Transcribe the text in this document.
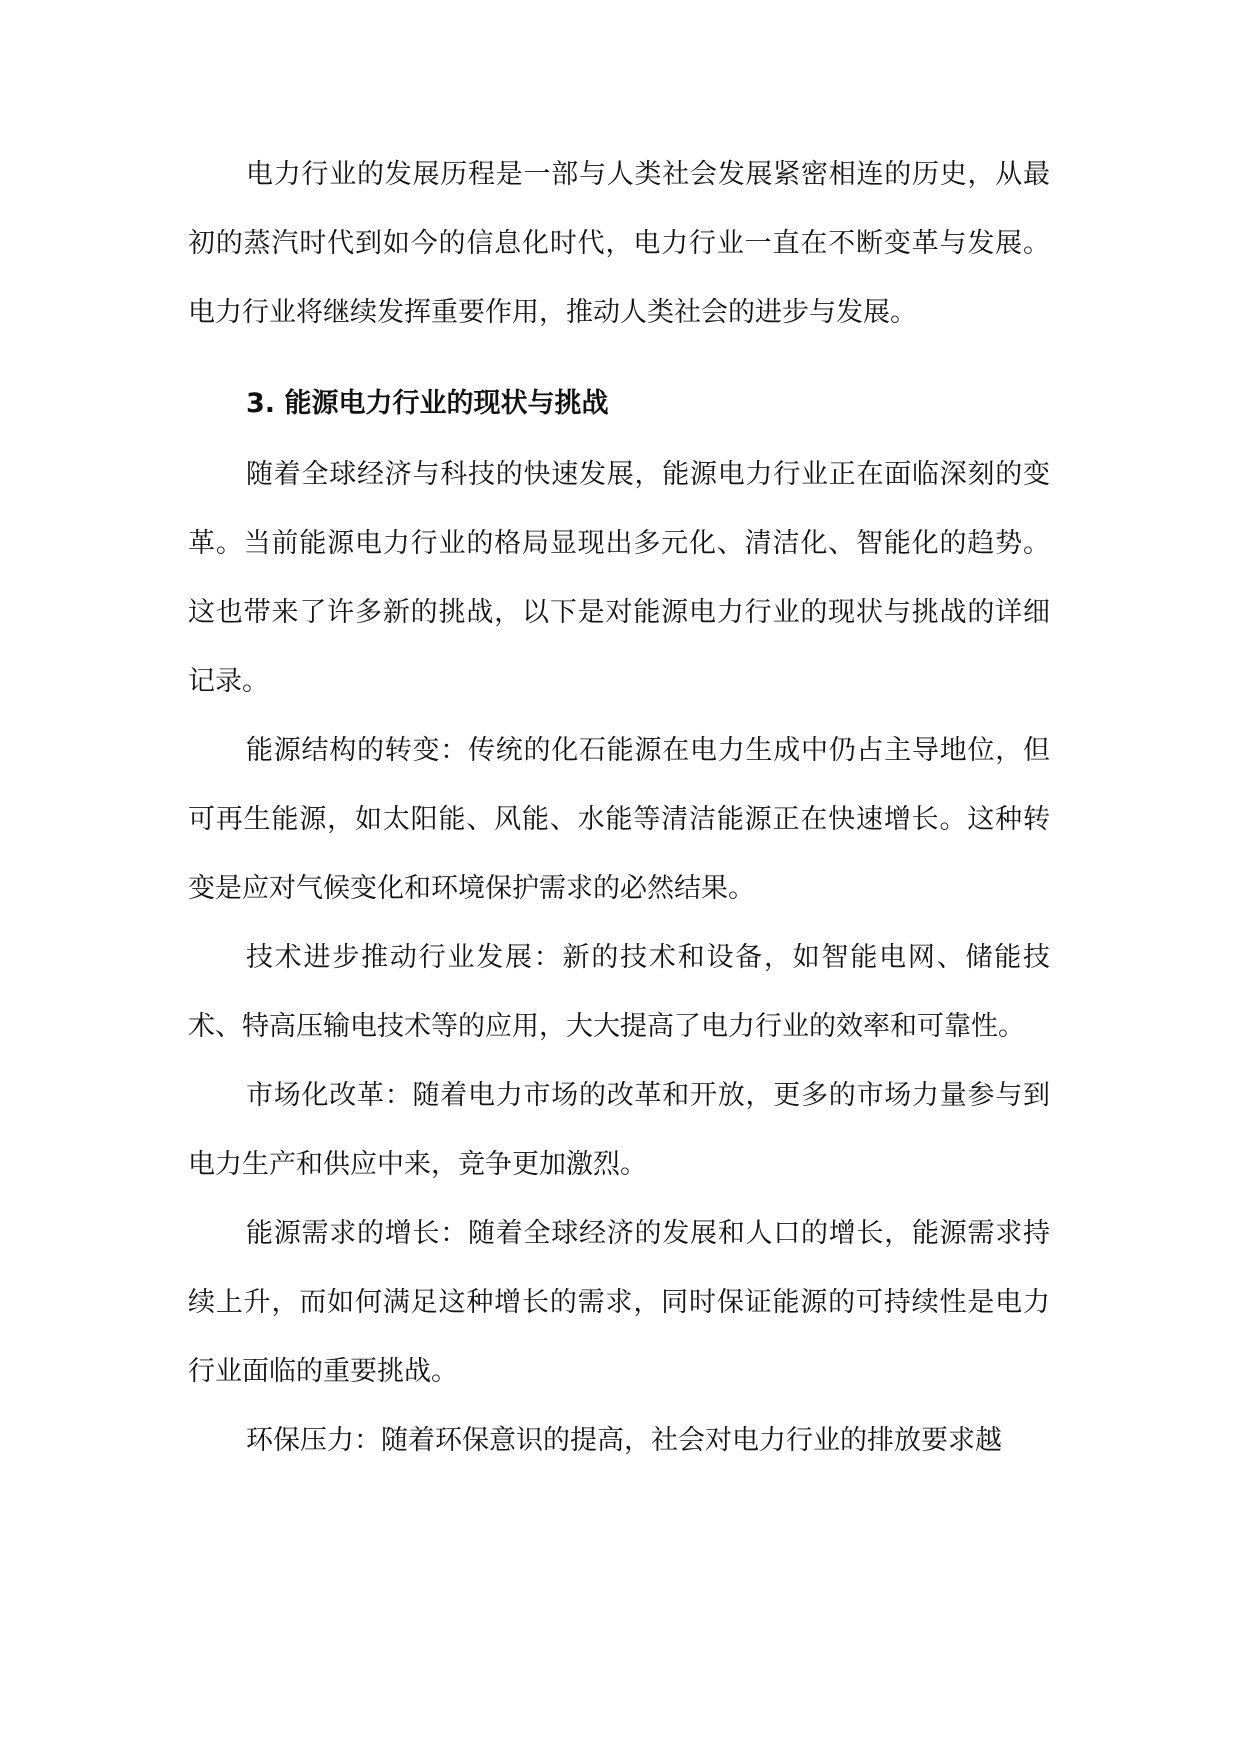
电力行业的发展历程是一部与人类社会发展紧密相连的历史，从最初的蒸汽时代到如今的信息化时代，电力行业一直在不断变革与发展。电力行业将继续发挥重要作用，推动人类社会的进步与发展。

3. 能源电力行业的现状与挑战

随着全球经济与科技的快速发展，能源电力行业正在面临深刻的变革。当前能源电力行业的格局显现出多元化、清洁化、智能化的趋势。这也带来了许多新的挑战，以下是对能源电力行业的现状与挑战的详细记录。

能源结构的转变：传统的化石能源在电力生成中仍占主导地位，但可再生能源，如太阳能、风能、水能等清洁能源正在快速增长。这种转变是应对气候变化和环境保护需求的必然结果。

技术进步推动行业发展：新的技术和设备，如智能电网、储能技术、特高压输电技术等的应用，大大提高了电力行业的效率和可靠性。

市场化改革：随着电力市场的改革和开放，更多的市场力量参与到电力生产和供应中来，竞争更加激烈。

能源需求的增长：随着全球经济的发展和人口的增长，能源需求持续上升，而如何满足这种增长的需求，同时保证能源的可持续性是电力行业面临的重要挑战。

环保压力：随着环保意识的提高，社会对电力行业的排放要求越
